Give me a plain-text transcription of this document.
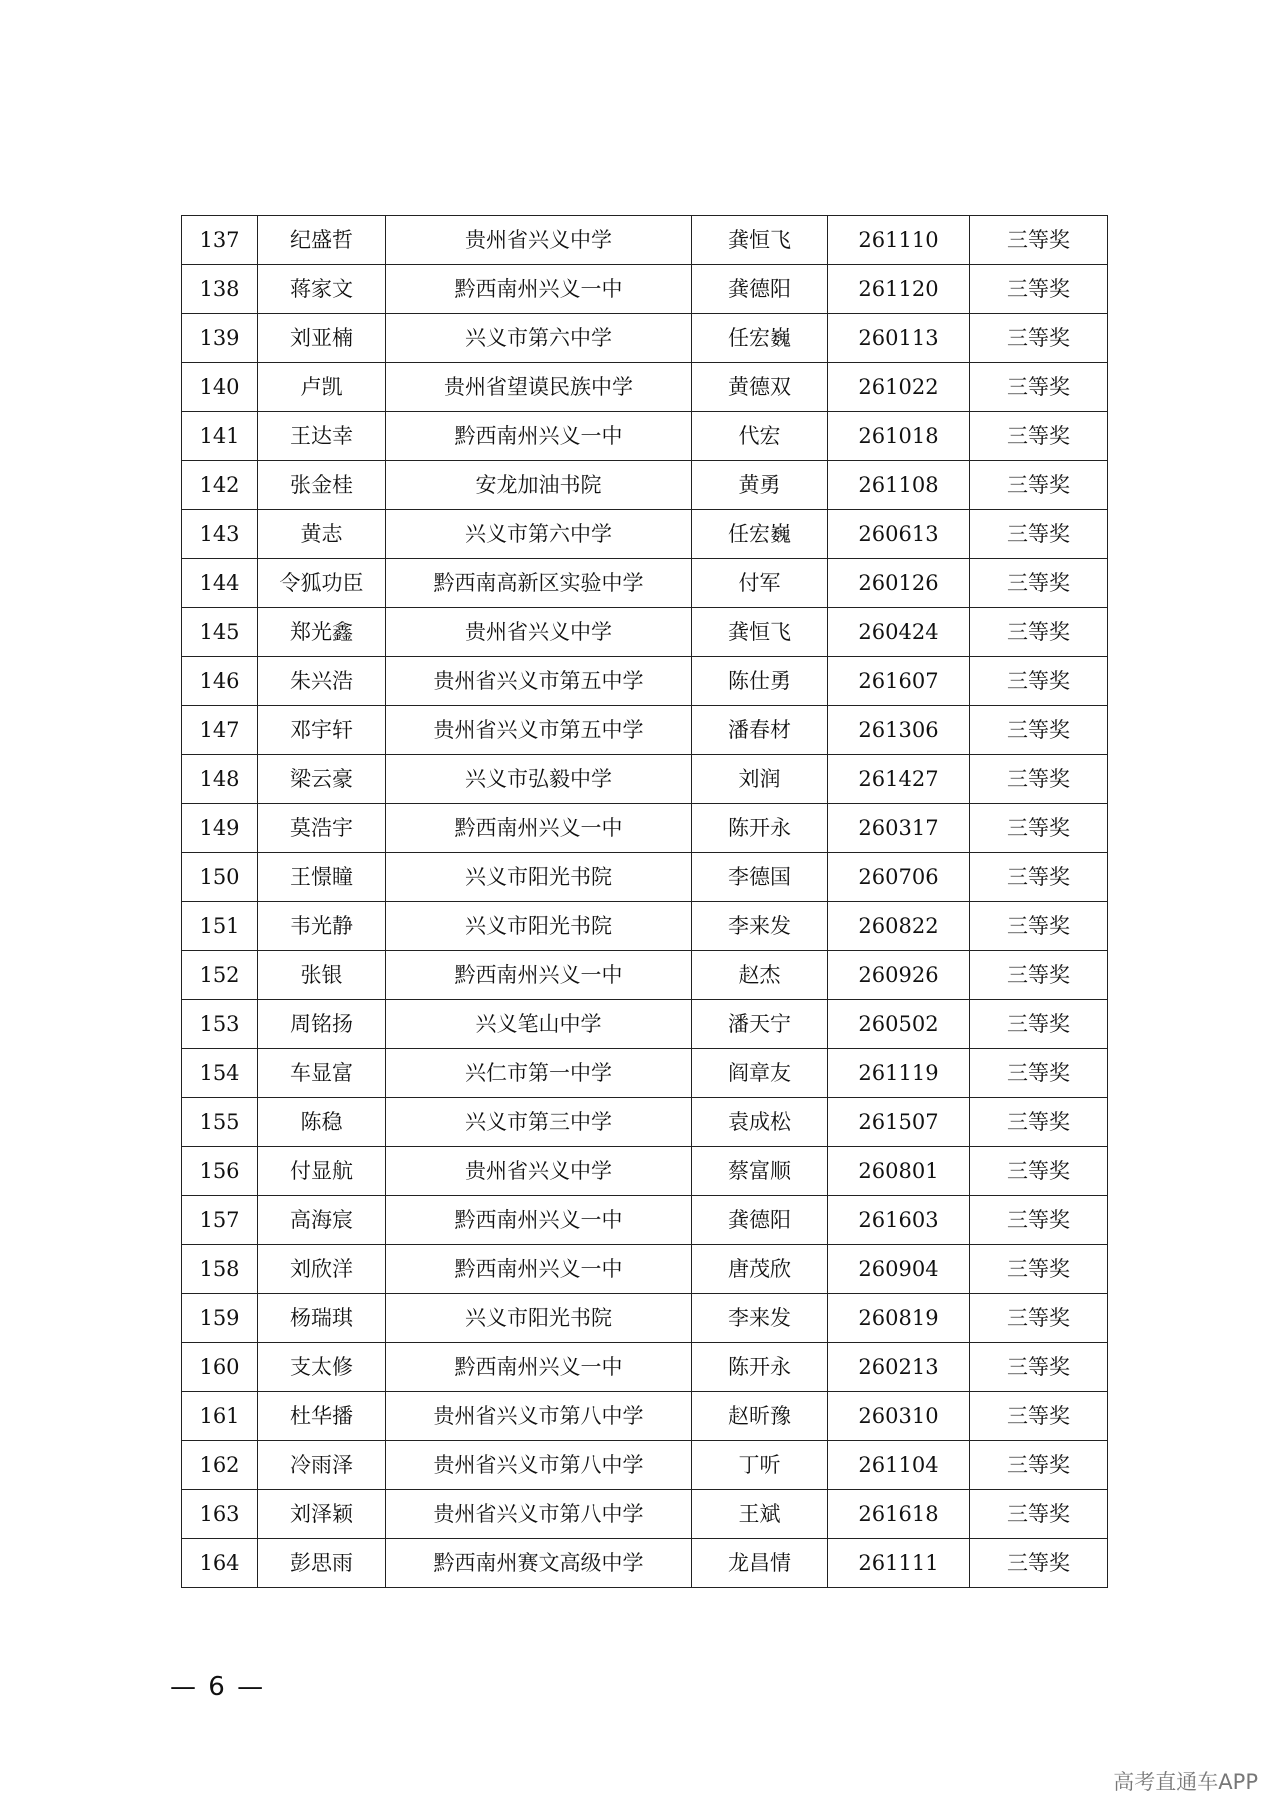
137	纪盛哲	贵州省兴义中学	龚恒飞	261110	三等奖
138	蒋家文	黔西南州兴义一中	龚德阳	261120	三等奖
139	刘亚楠	兴义市第六中学	任宏巍	260113	三等奖
140	卢凯	贵州省望谟民族中学	黄德双	261022	三等奖
141	王达幸	黔西南州兴义一中	代宏	261018	三等奖
142	张金桂	安龙加油书院	黄勇	261108	三等奖
143	黄志	兴义市第六中学	任宏巍	260613	三等奖
144	令狐功臣	黔西南高新区实验中学	付军	260126	三等奖
145	郑光鑫	贵州省兴义中学	龚恒飞	260424	三等奖
146	朱兴浩	贵州省兴义市第五中学	陈仕勇	261607	三等奖
147	邓宇轩	贵州省兴义市第五中学	潘春材	261306	三等奖
148	梁云豪	兴义市弘毅中学	刘润	261427	三等奖
149	莫浩宇	黔西南州兴义一中	陈开永	260317	三等奖
150	王憬瞳	兴义市阳光书院	李德国	260706	三等奖
151	韦光静	兴义市阳光书院	李来发	260822	三等奖
152	张银	黔西南州兴义一中	赵杰	260926	三等奖
153	周铭扬	兴义笔山中学	潘天宁	260502	三等奖
154	车显富	兴仁市第一中学	阎章友	261119	三等奖
155	陈稳	兴义市第三中学	袁成松	261507	三等奖
156	付显航	贵州省兴义中学	蔡富顺	260801	三等奖
157	高海宸	黔西南州兴义一中	龚德阳	261603	三等奖
158	刘欣洋	黔西南州兴义一中	唐茂欣	260904	三等奖
159	杨瑞琪	兴义市阳光书院	李来发	260819	三等奖
160	支太修	黔西南州兴义一中	陈开永	260213	三等奖
161	杜华播	贵州省兴义市第八中学	赵昕豫	260310	三等奖
162	冷雨泽	贵州省兴义市第八中学	丁听	261104	三等奖
163	刘泽颖	贵州省兴义市第八中学	王斌	261618	三等奖
164	彭思雨	黔西南州赛文高级中学	龙昌情	261111	三等奖
— 6 —
高考直通车APP
